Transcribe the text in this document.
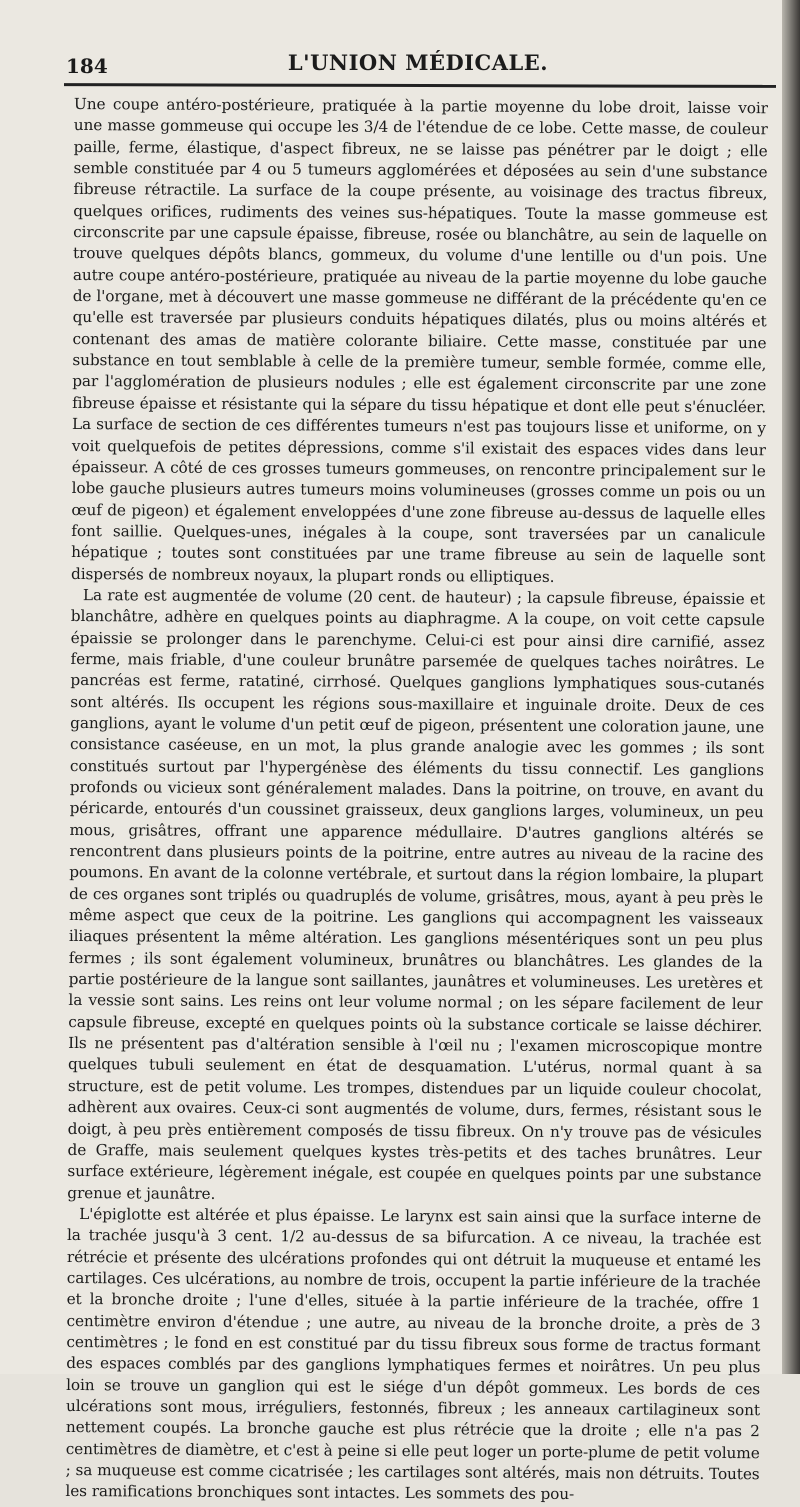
184	L'UNION MÉDICALE.

Une coupe antéro-postérieure, pratiquée à la partie moyenne du lobe droit, laisse voir une masse gommeuse qui occupe les 3/4 de l'étendue de ce lobe. Cette masse, de couleur paille, ferme, élastique, d'aspect fibreux, ne se laisse pas pénétrer par le doigt ; elle semble constituée par 4 ou 5 tumeurs agglomérées et déposées au sein d'une substance fibreuse rétractile. La surface de la coupe présente, au voisinage des tractus fibreux, quelques orifices, rudiments des veines sus-hépatiques. Toute la masse gommeuse est circonscrite par une capsule épaisse, fibreuse, rosée ou blanchâtre, au sein de laquelle on trouve quelques dépôts blancs, gommeux, du volume d'une lentille ou d'un pois. Une autre coupe antéro-postérieure, pratiquée au niveau de la partie moyenne du lobe gauche de l'organe, met à découvert une masse gommeuse ne différant de la précédente qu'en ce qu'elle est traversée par plusieurs conduits hépatiques dilatés, plus ou moins altérés et contenant des amas de matière colorante biliaire. Cette masse, constituée par une substance en tout semblable à celle de la première tumeur, semble formée, comme elle, par l'agglomération de plusieurs nodules ; elle est également circonscrite par une zone fibreuse épaisse et résistante qui la sépare du tissu hépatique et dont elle peut s'énucléer. La surface de section de ces différentes tumeurs n'est pas toujours lisse et uniforme, on y voit quelquefois de petites dépressions, comme s'il existait des espaces vides dans leur épaisseur. A côté de ces grosses tumeurs gommeuses, on rencontre principalement sur le lobe gauche plusieurs autres tumeurs moins volumineuses (grosses comme un pois ou un œuf de pigeon) et également enveloppées d'une zone fibreuse au-dessus de laquelle elles font saillie. Quelques-unes, inégales à la coupe, sont traversées par un canalicule hépatique ; toutes sont constituées par une trame fibreuse au sein de laquelle sont dispersés de nombreux noyaux, la plupart ronds ou elliptiques.

La rate est augmentée de volume (20 cent. de hauteur) ; la capsule fibreuse, épaissie et blanchâtre, adhère en quelques points au diaphragme. A la coupe, on voit cette capsule épaissie se prolonger dans le parenchyme. Celui-ci est pour ainsi dire carnifié, assez ferme, mais friable, d'une couleur brunâtre parsemée de quelques taches noirâtres. Le pancréas est ferme, ratatiné, cirrhosé. Quelques ganglions lymphatiques sous-cutanés sont altérés. Ils occupent les régions sous-maxillaire et inguinale droite. Deux de ces ganglions, ayant le volume d'un petit œuf de pigeon, présentent une coloration jaune, une consistance caséeuse, en un mot, la plus grande analogie avec les gommes ; ils sont constitués surtout par l'hypergénèse des éléments du tissu connectif. Les ganglions profonds ou vicieux sont généralement malades. Dans la poitrine, on trouve, en avant du péricarde, entourés d'un coussinet graisseux, deux ganglions larges, volumineux, un peu mous, grisâtres, offrant une apparence médullaire. D'autres ganglions altérés se rencontrent dans plusieurs points de la poitrine, entre autres au niveau de la racine des poumons. En avant de la colonne vertébrale, et surtout dans la région lombaire, la plupart de ces organes sont triplés ou quadruplés de volume, grisâtres, mous, ayant à peu près le même aspect que ceux de la poitrine. Les ganglions qui accompagnent les vaisseaux iliaques présentent la même altération. Les ganglions mésentériques sont un peu plus fermes ; ils sont également volumineux, brunâtres ou blanchâtres. Les glandes de la partie postérieure de la langue sont saillantes, jaunâtres et volumineuses. Les uretères et la vessie sont sains. Les reins ont leur volume normal ; on les sépare facilement de leur capsule fibreuse, excepté en quelques points où la substance corticale se laisse déchirer. Ils ne présentent pas d'altération sensible à l'œil nu ; l'examen microscopique montre quelques tubuli seulement en état de desquamation. L'utérus, normal quant à sa structure, est de petit volume. Les trompes, distendues par un liquide couleur chocolat, adhèrent aux ovaires. Ceux-ci sont augmentés de volume, durs, fermes, résistant sous le doigt, à peu près entièrement composés de tissu fibreux. On n'y trouve pas de vésicules de Graffe, mais seulement quelques kystes très-petits et des taches brunâtres. Leur surface extérieure, légèrement inégale, est coupée en quelques points par une substance grenue et jaunâtre.

L'épiglotte est altérée et plus épaisse. Le larynx est sain ainsi que la surface interne de la trachée jusqu'à 3 cent. 1/2 au-dessus de sa bifurcation. A ce niveau, la trachée est rétrécie et présente des ulcérations profondes qui ont détruit la muqueuse et entamé les cartilages. Ces ulcérations, au nombre de trois, occupent la partie inférieure de la trachée et la bronche droite ; l'une d'elles, située à la partie inférieure de la trachée, offre 1 centimètre environ d'étendue ; une autre, au niveau de la bronche droite, a près de 3 centimètres ; le fond en est constitué par du tissu fibreux sous forme de tractus formant des espaces comblés par des ganglions lymphatiques fermes et noirâtres. Un peu plus loin se trouve un ganglion qui est le siége d'un dépôt gommeux. Les bords de ces ulcérations sont mous, irréguliers, festonnés, fibreux ; les anneaux cartilagineux sont nettement coupés. La bronche gauche est plus rétrécie que la droite ; elle n'a pas 2 centimètres de diamètre, et c'est à peine si elle peut loger un porte-plume de petit volume ; sa muqueuse est comme cicatrisée ; les cartilages sont altérés, mais non détruits. Toutes les ramifications bronchiques sont intactes. Les sommets des pou-
